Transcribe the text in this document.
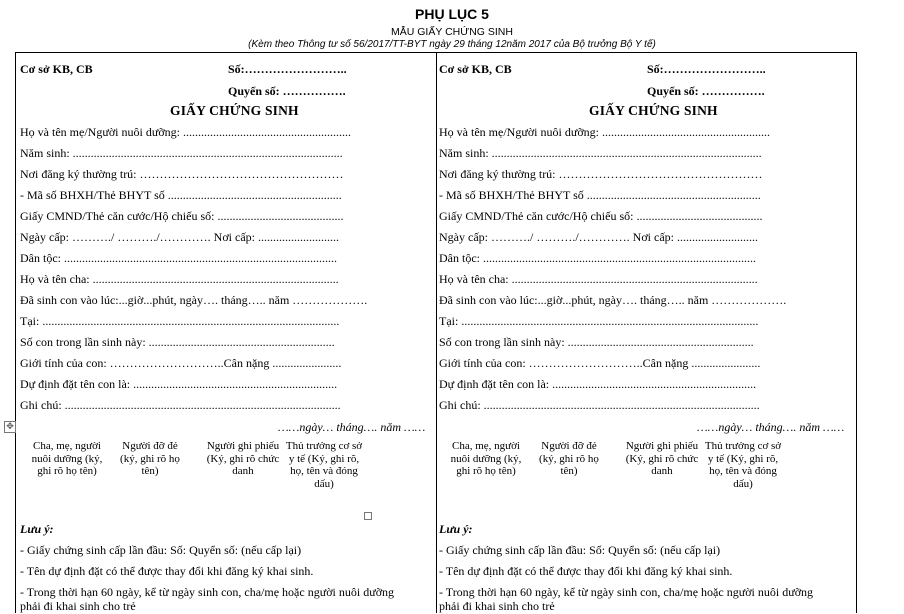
PHỤ LỤC 5
MẪU GIẤY CHỨNG SINH
(Kèm theo Thông tư số 56/2017/TT-BYT ngày 29 tháng 12năm 2017 của Bộ trưởng Bộ Y tế)
Cơ sở KB, CB	Số:……………………..
Quyển số: …………….
GIẤY CHỨNG SINH
Họ và tên mẹ/Người nuôi dưỡng: ........................................................
Năm sinh: ..........................................................................................
Nơi đăng ký thường trú: ……………………………………………
- Mã số BHXH/Thẻ BHYT số ..........................................................
Giấy CMND/Thẻ căn cước/Hộ chiếu số: ..........................................
Ngày cấp: ………./ ………./…………. Nơi cấp: ...........................
Dân tộc: ...........................................................................................
Họ và tên cha: ..................................................................................
Đã sinh con vào lúc:...giờ...phút, ngày…. tháng….. năm ……………….
Tại: ...................................................................................................
Số con trong lần sinh này: ..............................................................
Giới tính của con: ………………………..Cân nặng .......................
Dự định đặt tên con là: ....................................................................
Ghi chú: ............................................................................................
……ngày… tháng…. năm ……
Cha, mẹ, người nuôi dưỡng (ký, ghi rõ họ tên)
Người đỡ đẻ (ký, ghi rõ họ tên)
Người ghi phiếu (Ký, ghi rõ chức danh
Thủ trưởng cơ sở y tế (Ký, ghi rõ, họ, tên và đóng dấu)
Lưu ý:
- Giấy chứng sinh cấp lần đầu: Số: Quyển số: (nếu cấp lại)
- Tên dự định đặt có thể được thay đổi khi đăng ký khai sinh.
- Trong thời hạn 60 ngày, kể từ ngày sinh con, cha/mẹ hoặc người nuôi dưỡng
phải đi khai sinh cho trẻ
Cơ sở KB, CB	Số:……………………..
Quyển số: …………….
GIẤY CHỨNG SINH
Họ và tên mẹ/Người nuôi dưỡng: ........................................................
Năm sinh: ..........................................................................................
Nơi đăng ký thường trú: ……………………………………………
- Mã số BHXH/Thẻ BHYT số ..........................................................
Giấy CMND/Thẻ căn cước/Hộ chiếu số: ..........................................
Ngày cấp: ………./ ………./…………. Nơi cấp: ...........................
Dân tộc: ...........................................................................................
Họ và tên cha: ..................................................................................
Đã sinh con vào lúc:...giờ...phút, ngày…. tháng….. năm ……………….
Tại: ...................................................................................................
Số con trong lần sinh này: ..............................................................
Giới tính của con: ………………………..Cân nặng .......................
Dự định đặt tên con là: ....................................................................
Ghi chú: ............................................................................................
……ngày… tháng…. năm ……
Cha, mẹ, người nuôi dưỡng (ký, ghi rõ họ tên)
Người đỡ đẻ (ký, ghi rõ họ tên)
Người ghi phiếu (Ký, ghi rõ chức danh
Thủ trưởng cơ sở y tế (Ký, ghi rõ, họ, tên và đóng dấu)
Lưu ý:
- Giấy chứng sinh cấp lần đầu: Số: Quyển số: (nếu cấp lại)
- Tên dự định đặt có thể được thay đổi khi đăng ký khai sinh.
- Trong thời hạn 60 ngày, kể từ ngày sinh con, cha/mẹ hoặc người nuôi dưỡng
phải đi khai sinh cho trẻ
✥
